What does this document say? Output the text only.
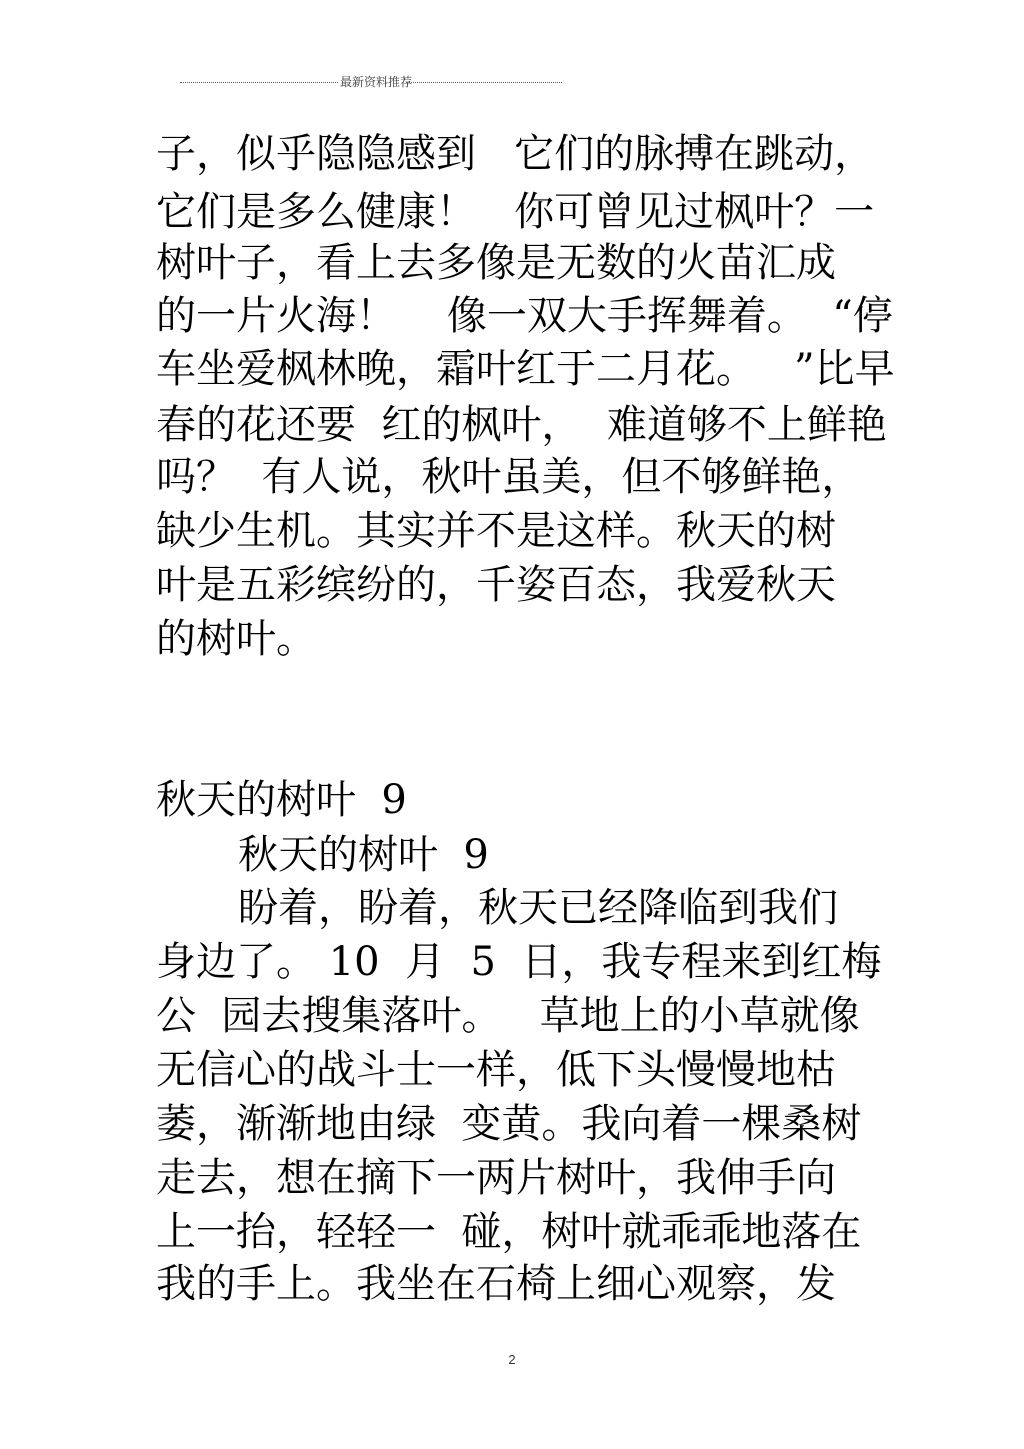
最新资料推荐
子，似乎隐隐感到   它们的脉搏在跳动，
它们是多么健康！   你可曾见过枫叶？一
树叶子，看上去多像是无数的火苗汇成
的一片火海！    像一双大手挥舞着。  “停
车坐爱枫林晚，霜叶红于二月花。   ”比早
春的花还要  红的枫叶，  难道够不上鲜艳
吗？  有人说，秋叶虽美，但不够鲜艳，
缺少生机。其实并不是这样。秋天的树
叶是五彩缤纷的，千姿百态，我爱秋天
的树叶。
秋天的树叶  9
秋天的树叶  9
盼着，盼着，秋天已经降临到我们
身边了。 10  月  5  日，我专程来到红梅
公  园去搜集落叶。   草地上的小草就像
无信心的战斗士一样，低下头慢慢地枯
萎，渐渐地由绿  变黄。我向着一棵桑树
走去，想在摘下一两片树叶，我伸手向
上一抬，轻轻一  碰，树叶就乖乖地落在
我的手上。我坐在石椅上细心观察，发
2
